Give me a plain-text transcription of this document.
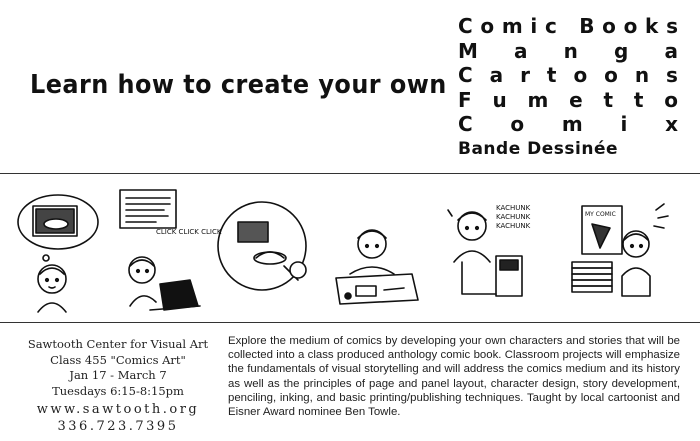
Learn how to create your own
C o m i c
B o o k s
M a n g a
C a r t o o n s
F u m e t t o
C o m i x
Bande Dessinée
CLICK CLICK CLICK
KACHUNK
KACHUNK
KACHUNK
MY COMIC
Sawtooth Center for Visual Art
Class 455 "Comics Art"
Jan 17 - March 7
Tuesdays 6:15-8:15pm
www.sawtooth.org
336.723.7395
Explore the medium of comics by developing your own characters and stories that will be collected into a class produced anthology comic book. Classroom projects will emphasize the fundamentals of visual storytelling and will address the comics medium and its history as well as the principles of page and panel layout, character design, story development, penciling, inking, and basic printing/publishing techniques. Taught by local cartoonist and Eisner Award nominee Ben Towle.
